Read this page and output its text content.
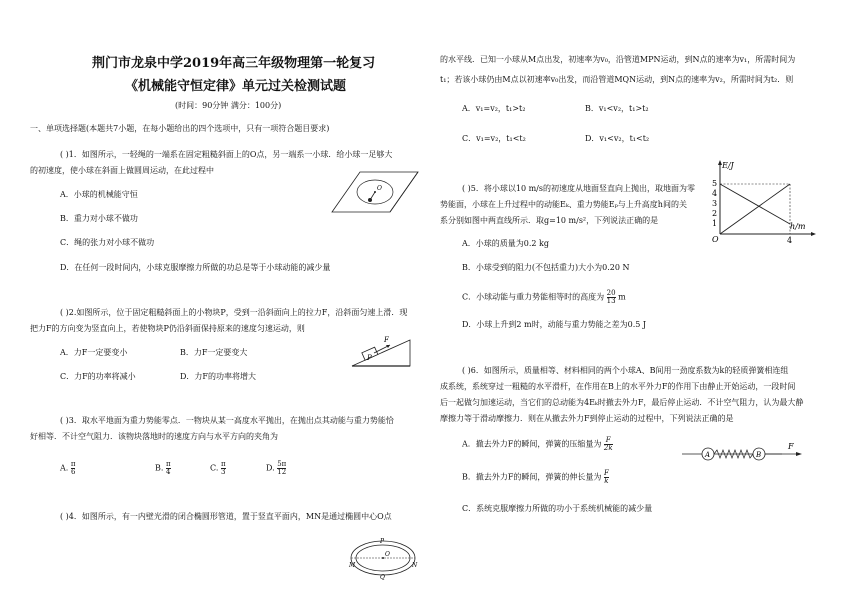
荆门市龙泉中学2019年高三年级物理第一轮复习
《机械能守恒定律》单元过关检测试题
(时间：90分钟 满分：100分)
一、单项选择题(本题共7小题，在每小题给出的四个选项中，只有一项符合题目要求)
( )1．如图所示，一轻绳的一端系在固定粗糙斜面上的O点，另一端系一小球．给小球一足够大
的初速度，使小球在斜面上做圆周运动，在此过程中
A．小球的机械能守恒
B．重力对小球不做功
C．绳的张力对小球不做功
D．在任何一段时间内，小球克服摩擦力所做的功总是等于小球动能的减少量
O
( )2.如图所示，位于固定粗糙斜面上的小物块P，受到一沿斜面向上的拉力F，沿斜面匀速上滑．现
把力F的方向变为竖直向上，若使物块P仍沿斜面保持原来的速度匀速运动，则
A．力F一定要变小	B．力F一定要变大
C．力F的功率将减小	D．力F的功率将增大
P
F
( )3．取水平地面为重力势能零点．一物块从某一高度水平抛出，在抛出点其动能与重力势能恰
好相等．不计空气阻力．该物块落地时的速度方向与水平方向的夹角为
A. $\frac{\pi}{6}$	B. $\frac{\pi}{4}$	C. $\frac{\pi}{3}$	D. $\frac{5\pi}{12}$
( )4．如图所示，有一内壁光滑的闭合椭圆形管道，置于竖直平面内，MN是通过椭圆中心O点
P
O
Q
M	N
的水平线．已知一小球从M点出发，初速率为v₀，沿管道MPN运动，到N点的速率为v₁，所需时间为
t₁；若该小球仍由M点以初速率v₀出发，而沿管道MQN运动，到N点的速率为v₂，所需时间为t₂．则
A．v₁=v₂，t₁>t₂	B．v₁<v₂，t₁>t₂
C．v₁=v₂，t₁<t₂	D．v₁<v₂，t₁<t₂
( )5．将小球以10 m/s的初速度从地面竖直向上抛出，取地面为零
势能面，小球在上升过程中的动能Eₖ、重力势能Eₚ与上升高度h间的关
系分别如图中两直线所示．取g=10 m/s²，下列说法正确的是
A．小球的质量为0.2 kg
B．小球受到的阻力(不包括重力)大小为0.20 N
C．小球动能与重力势能相等时的高度为 $\frac{20}{13}$ m
D．小球上升到2 m时，动能与重力势能之差为0.5 J
E/J
h/m
O
1
2
3
4
5
4
( )6．如图所示，质量相等、材料相同的两个小球A、B间用一劲度系数为k的轻质弹簧相连组
成系统，系统穿过一粗糙的水平滑杆，在作用在B上的水平外力F的作用下由静止开始运动，一段时间
后一起做匀加速运动，当它们的总动能为4Eₖ时撤去外力F，最后停止运动．不计空气阻力，认为最大静
摩擦力等于滑动摩擦力．则在从撤去外力F到停止运动的过程中，下列说法正确的是
A．撤去外力F的瞬间，弹簧的压缩量为 $\frac{F}{2k}$
B．撤去外力F的瞬间，弹簧的伸长量为 $\frac{F}{k}$
C．系统克服摩擦力所做的功小于系统机械能的减少量
A	B
F
